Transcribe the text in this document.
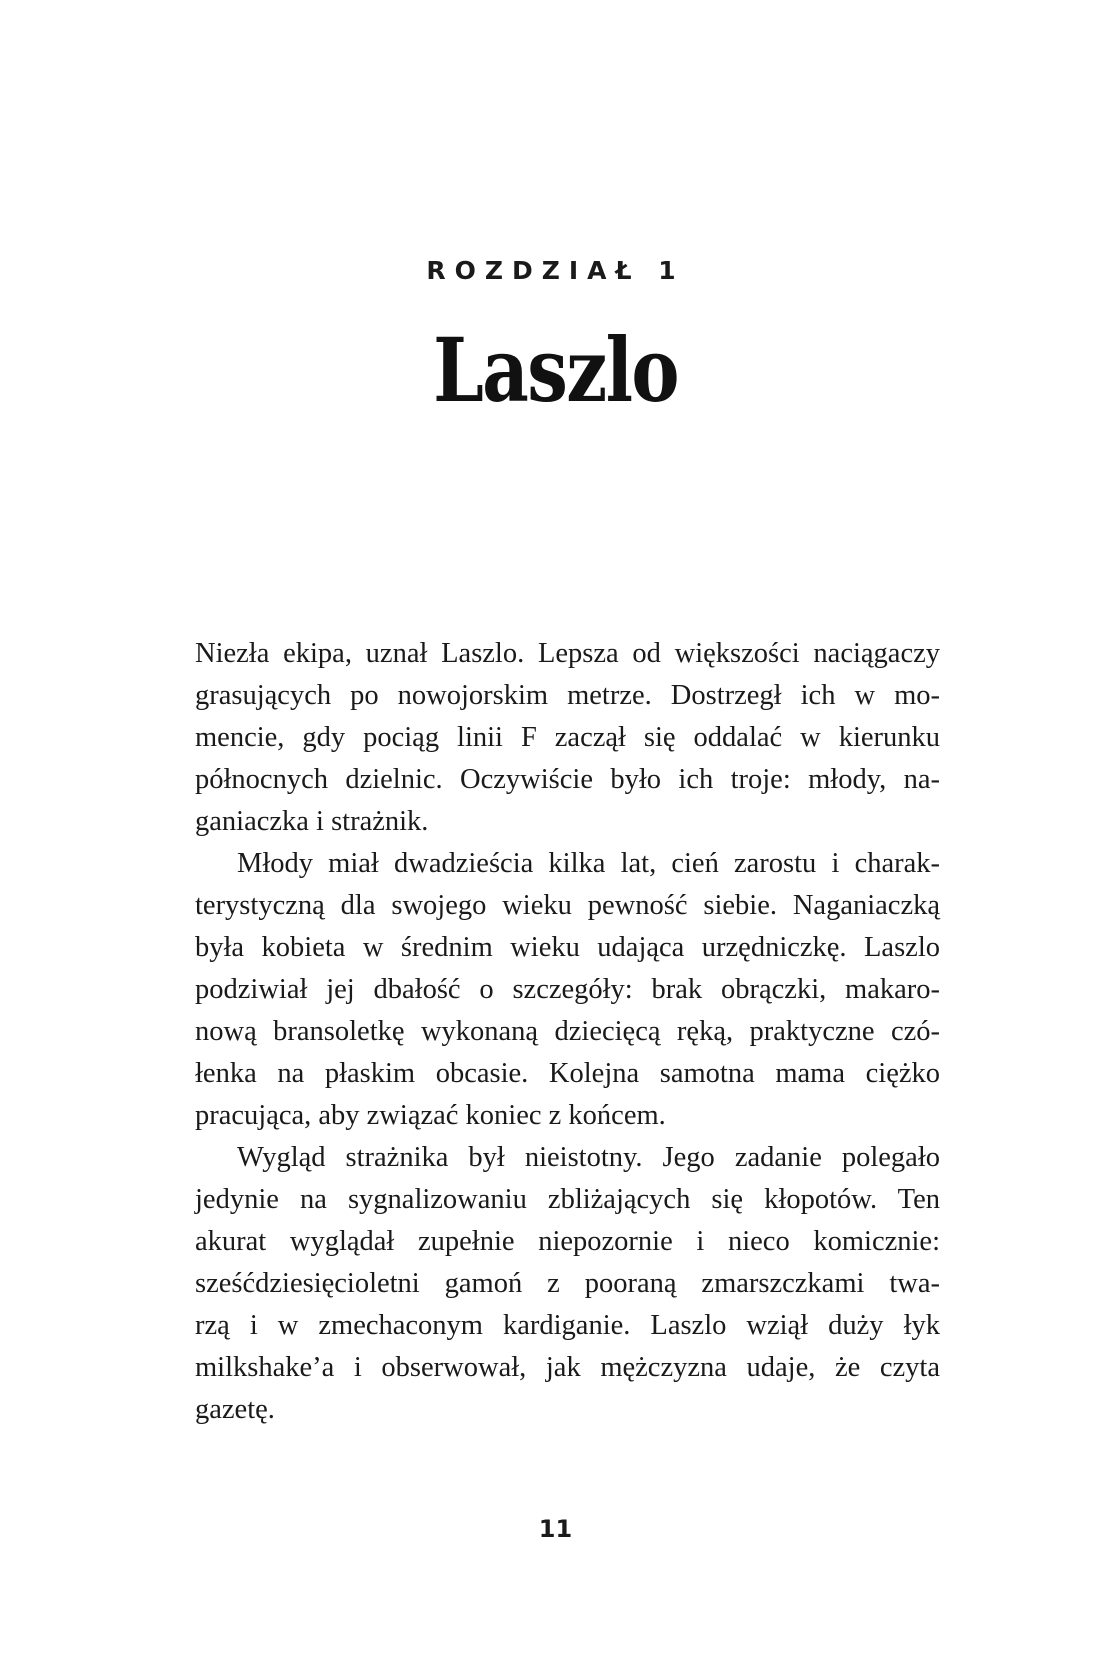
ROZDZIAŁ 1
Laszlo
Niezła ekipa, uznał Laszlo. Lepsza od większości naciągaczy
grasujących po nowojorskim metrze. Dostrzegł ich w mo-
mencie, gdy pociąg linii F zaczął się oddalać w kierunku
północnych dzielnic. Oczywiście było ich troje: młody, na-
ganiaczka i strażnik.
Młody miał dwadzieścia kilka lat, cień zarostu i charak-
terystyczną dla swojego wieku pewność siebie. Naganiaczką
była kobieta w średnim wieku udająca urzędniczkę. Laszlo
podziwiał jej dbałość o szczegóły: brak obrączki, makaro-
nową bransoletkę wykonaną dziecięcą ręką, praktyczne czó-
łenka na płaskim obcasie. Kolejna samotna mama ciężko
pracująca, aby związać koniec z końcem.
Wygląd strażnika był nieistotny. Jego zadanie polegało
jedynie na sygnalizowaniu zbliżających się kłopotów. Ten
akurat wyglądał zupełnie niepozornie i nieco komicznie:
sześćdziesięcioletni gamoń z pooraną zmarszczkami twa-
rzą i w zmechaconym kardiganie. Laszlo wziął duży łyk
milkshake’a i obserwował, jak mężczyzna udaje, że czyta
gazetę.
11
